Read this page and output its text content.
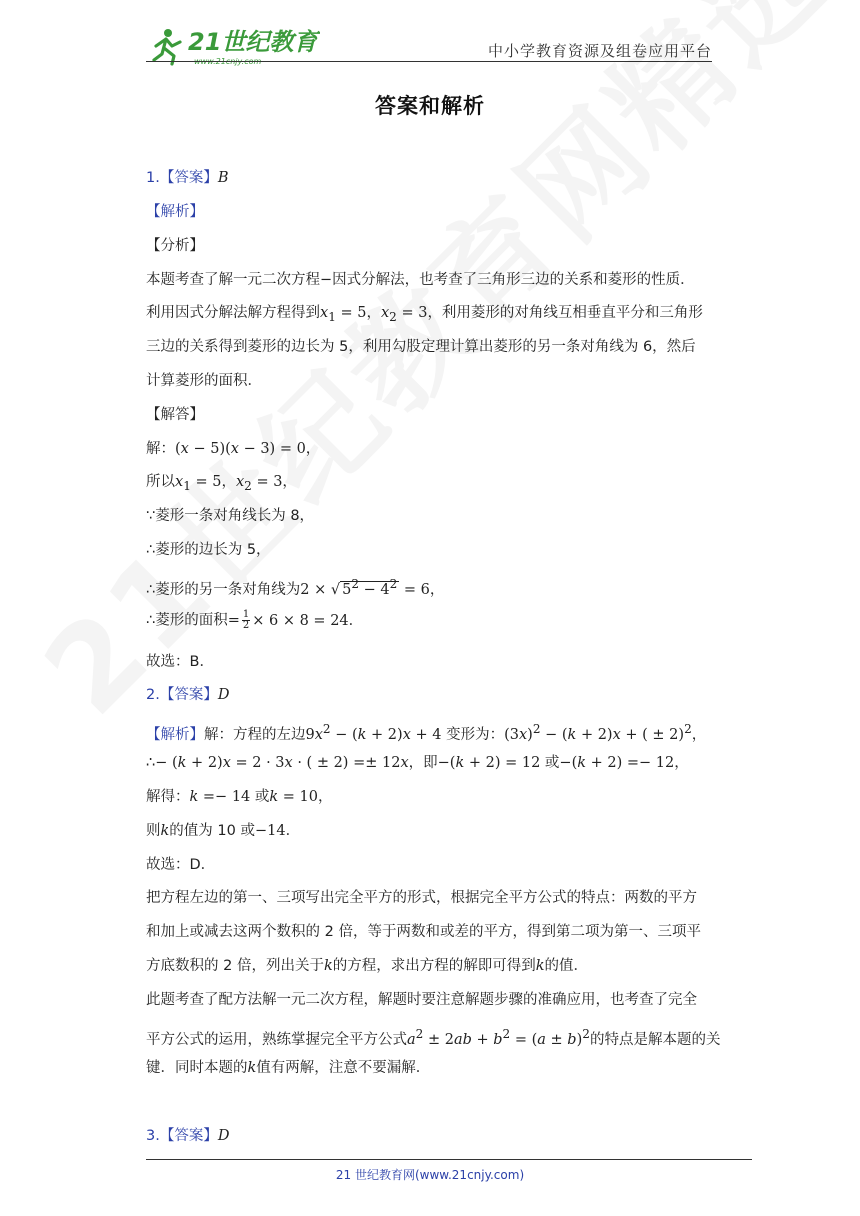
21世纪教育
www.21cnjy.com
中小学教育资源及组卷应用平台
答案和解析
1.【答案】B
【解析】
【分析】
本题考查了解一元二次方程−因式分解法，也考查了三角形三边的关系和菱形的性质．
利用因式分解法解方程得到$x_1 = 5$，$x_2 = 3$，利用菱形的对角线互相垂直平分和三角形
三边的关系得到菱形的边长为 5，利用勾股定理计算出菱形的另一条对角线为 6，然后
计算菱形的面积．
【解答】
解：(x − 5)(x − 3) = 0，
所以$x_1 = 5$，$x_2 = 3$，
∵菱形一条对角线长为 8，
∴菱形的边长为 5，
∴菱形的另一条对角线为2 × √ $5^2 - 4^2 = 6$，
∴菱形的面积= $\frac{1}{2} \times 6 \times 8 = 24$．
故选：B．
2.【答案】D
【解析】解：方程的左边$9x^2 - (k + 2)x + 4$ 变形为：$(3x)^2 - (k + 2)x$ + ( ± 2)$^2$，
∴− (k + 2)x = 2 · 3x · ( ± 2) =± 12x，即−(k + 2) = 12 或−(k + 2) =− 12，
解得：k =− 14 或k = 10，
则k的值为 10 或−14．
故选：D．
把方程左边的第一、三项写出完全平方的形式，根据完全平方公式的特点：两数的平方
和加上或减去这两个数积的 2 倍，等于两数和或差的平方，得到第二项为第一、三项平
方底数积的 2 倍，列出关于k的方程，求出方程的解即可得到k的值．
此题考查了配方法解一元二次方程，解题时要注意解题步骤的准确应用，也考查了完全
平方公式的运用，熟练掌握完全平方公式$a^2 \pm 2ab + b^2 = (a \pm b)^2$的特点是解本题的关
键．同时本题的k值有两解，注意不要漏解．
3.【答案】D
21 世纪教育网(www.21cnjy.com)
